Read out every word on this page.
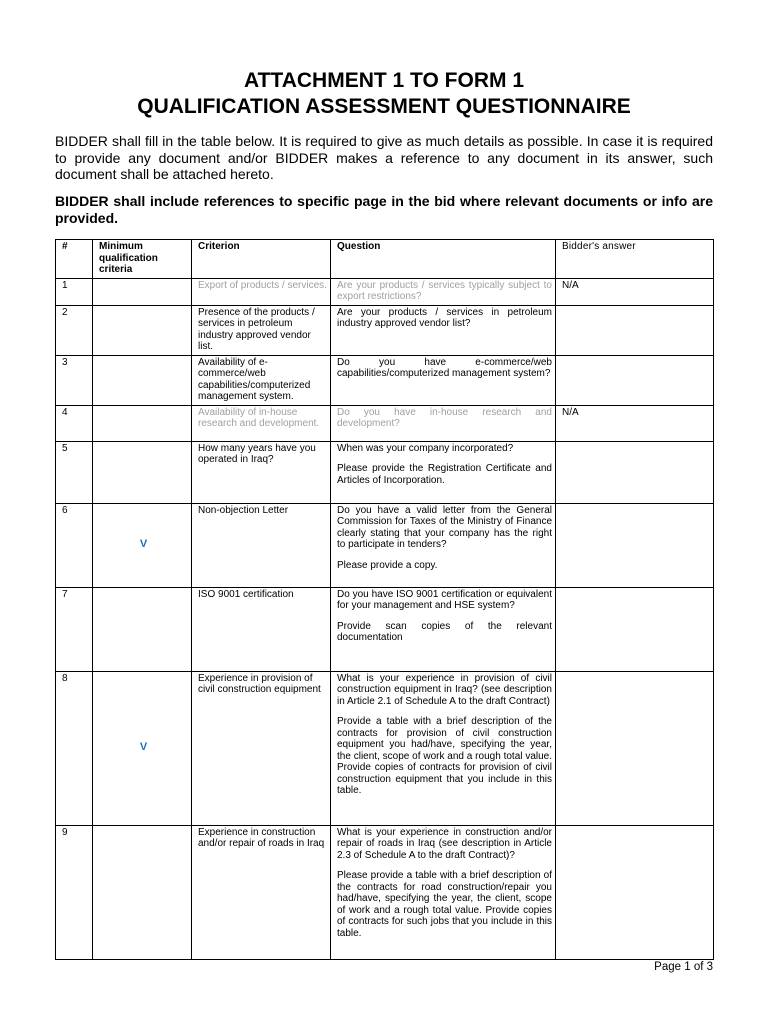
ATTACHMENT 1 TO FORM 1
QUALIFICATION ASSESSMENT QUESTIONNAIRE
BIDDER shall fill in the table below. It is required to give as much details as possible. In case it is required to provide any document and/or BIDDER makes a reference to any document in its answer, such document shall be attached hereto.
BIDDER shall include references to specific page in the bid where relevant documents or info are provided.
#	Minimum qualification criteria	Criterion	Question	Bidder's answer
1		Export of products / services.	Are your products / services typically subject to export restrictions?	N/A
2		Presence of the products / services in petroleum industry approved vendor list.	Are your products / services in petroleum industry approved vendor list?	

3		Availability of e-commerce/web capabilities/computerized management system.	Do you have e-commerce/web capabilities/computerized management system?	

4		Availability of in-house research and development.	Do you have in-house research and development?	N/A
5		How many years have you operated in Iraq?	When was your company incorporated?
Please provide the Registration Certificate and Articles of Incorporation.	

6	V	Non-objection Letter	Do you have a valid letter from the General Commission for Taxes of the Ministry of Finance clearly stating that your company has the right to participate in tenders?
Please provide a copy.	

7		ISO 9001 certification	Do you have ISO 9001 certification or equivalent for your management and HSE system?
Provide scan copies of the relevant documentation	

8	V	Experience in provision of civil construction equipment	What is your experience in provision of civil construction equipment in Iraq? (see description in Article 2.1 of Schedule A to the draft Contract)
Provide a table with a brief description of the contracts for provision of civil construction equipment you had/have, specifying the year, the client, scope of work and a rough total value. Provide copies of contracts for provision of civil construction equipment that you include in this table.	

9		Experience in construction and/or repair of roads in Iraq	What is your experience in construction and/or repair of roads in Iraq (see description in Article 2.3 of Schedule A to the draft Contract)?
Please provide a table with a brief description of the contracts for road construction/repair you had/have, specifying the year, the client, scope of work and a rough total value. Provide copies of contracts for such jobs that you include in this table.	

Page 1 of 3
